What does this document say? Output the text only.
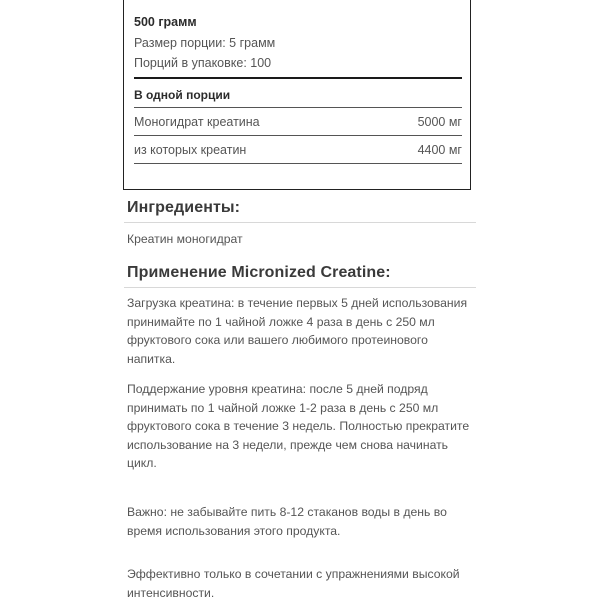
500 грамм
Размер порции: 5 грамм
Порций в упаковке: 100
В одной порции
Моногидрат креатина	5000 мг
из которых креатин	4400 мг
Ингредиенты:
Креатин моногидрат
Применение Micronized Creatine:

Загрузка креатина: в течение первых 5 дней использования принимайте по 1 чайной ложке 4 раза в день с 250 мл фруктового сока или вашего любимого протеинового напитка.

Поддержание уровня креатина: после 5 дней подряд принимать по 1 чайной ложке 1-2 раза в день с 250 мл фруктового сока в течение 3 недель. Полностью прекратите использование на 3 недели, прежде чем снова начинать цикл.

Важно: не забывайте пить 8-12 стаканов воды в день во время использования этого продукта.

Эффективно только в сочетании с упражнениями высокой интенсивности.
